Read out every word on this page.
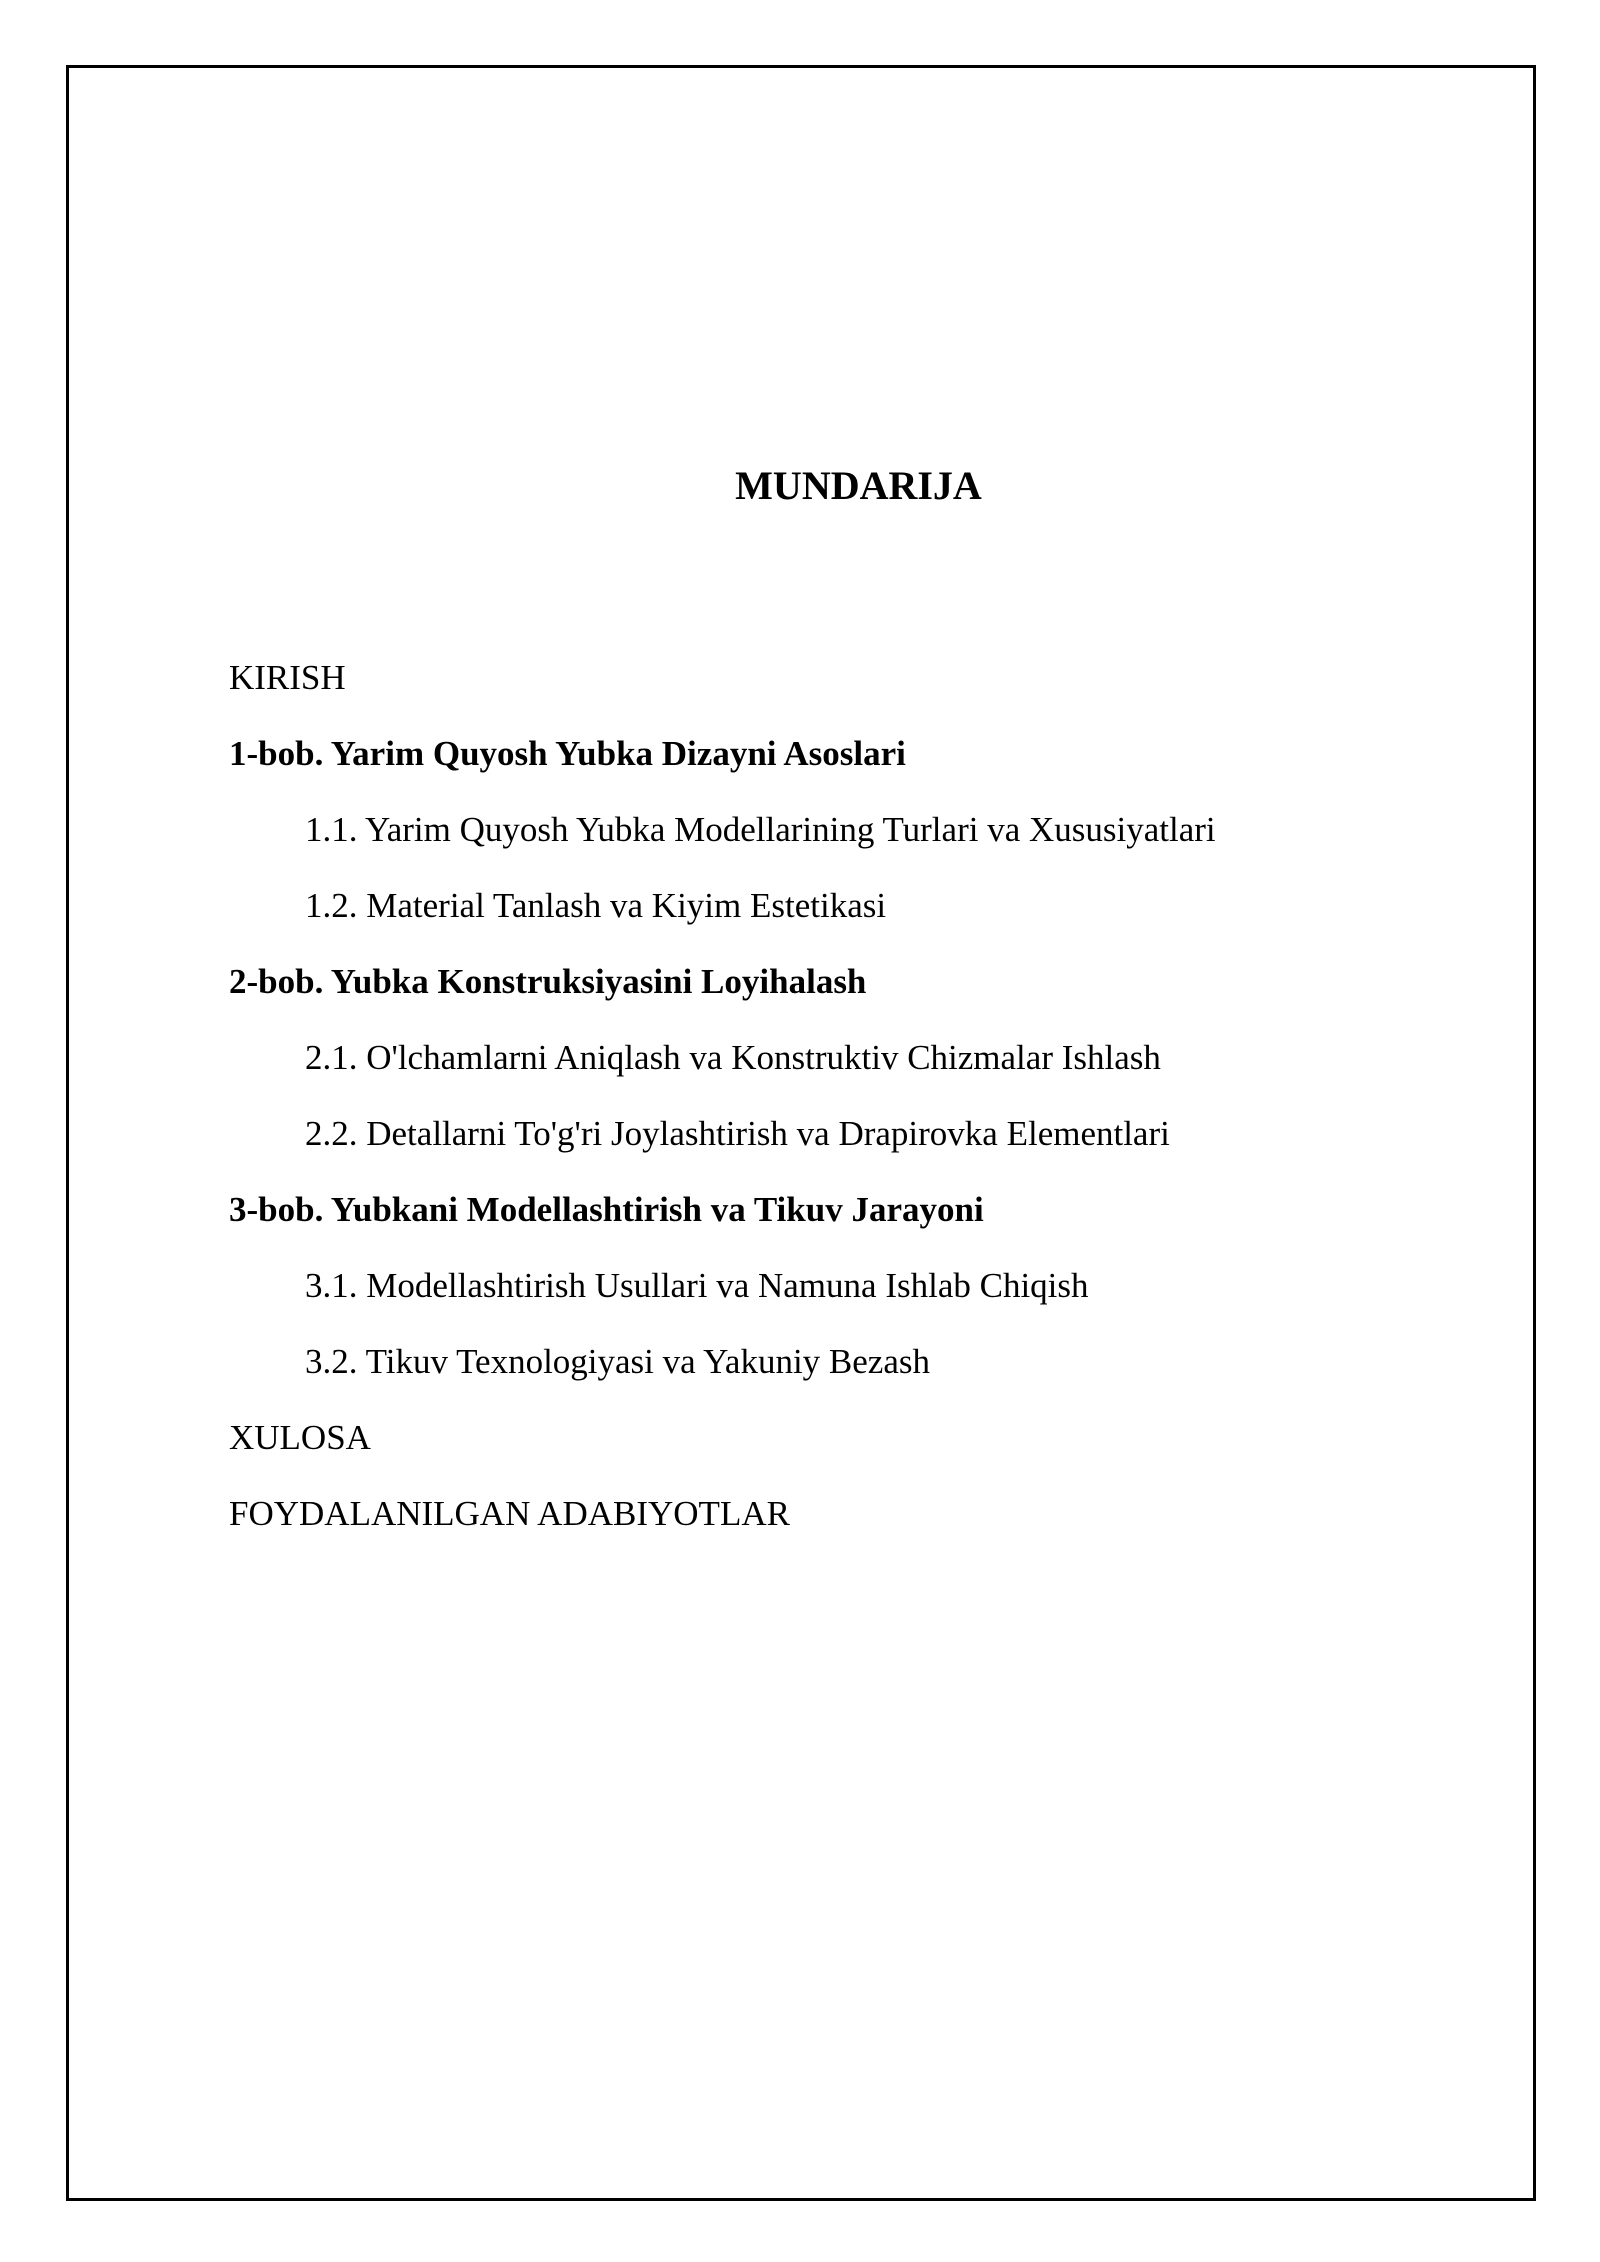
MUNDARIJA
KIRISH
1-bob. Yarim Quyosh Yubka Dizayni Asoslari
1.1. Yarim Quyosh Yubka Modellarining Turlari va Xususiyatlari
1.2. Material Tanlash va Kiyim Estetikasi
2-bob. Yubka Konstruksiyasini Loyihalash
2.1. O'lchamlarni Aniqlash va Konstruktiv Chizmalar Ishlash
2.2. Detallarni To'g'ri Joylashtirish va Drapirovka Elementlari
3-bob. Yubkani Modellashtirish va Tikuv Jarayoni
3.1. Modellashtirish Usullari va Namuna Ishlab Chiqish
3.2. Tikuv Texnologiyasi va Yakuniy Bezash
XULOSA
FOYDALANILGAN ADABIYOTLAR
